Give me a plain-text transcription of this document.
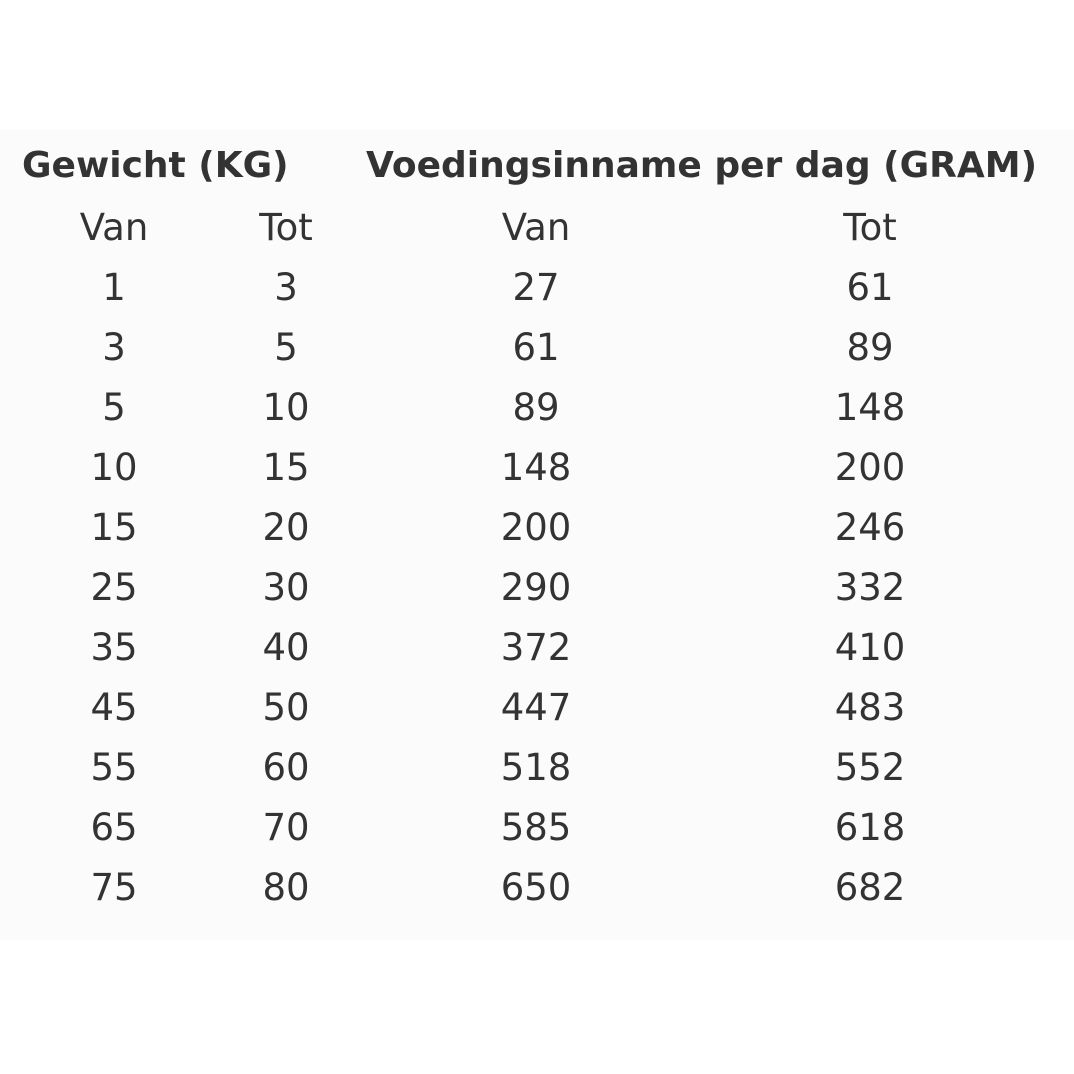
Gewicht (KG) Voedingsinname per dag (GRAM)
Van
1
3
5
10
15
25
35
45
55
65
75
Tot
3
5
10
15
20
30
40
50
60
70
80
Van
27
61
89
148
200
290
372
447
518
585
650
Tot
61
89
148
200
246
332
410
483
552
618
682
